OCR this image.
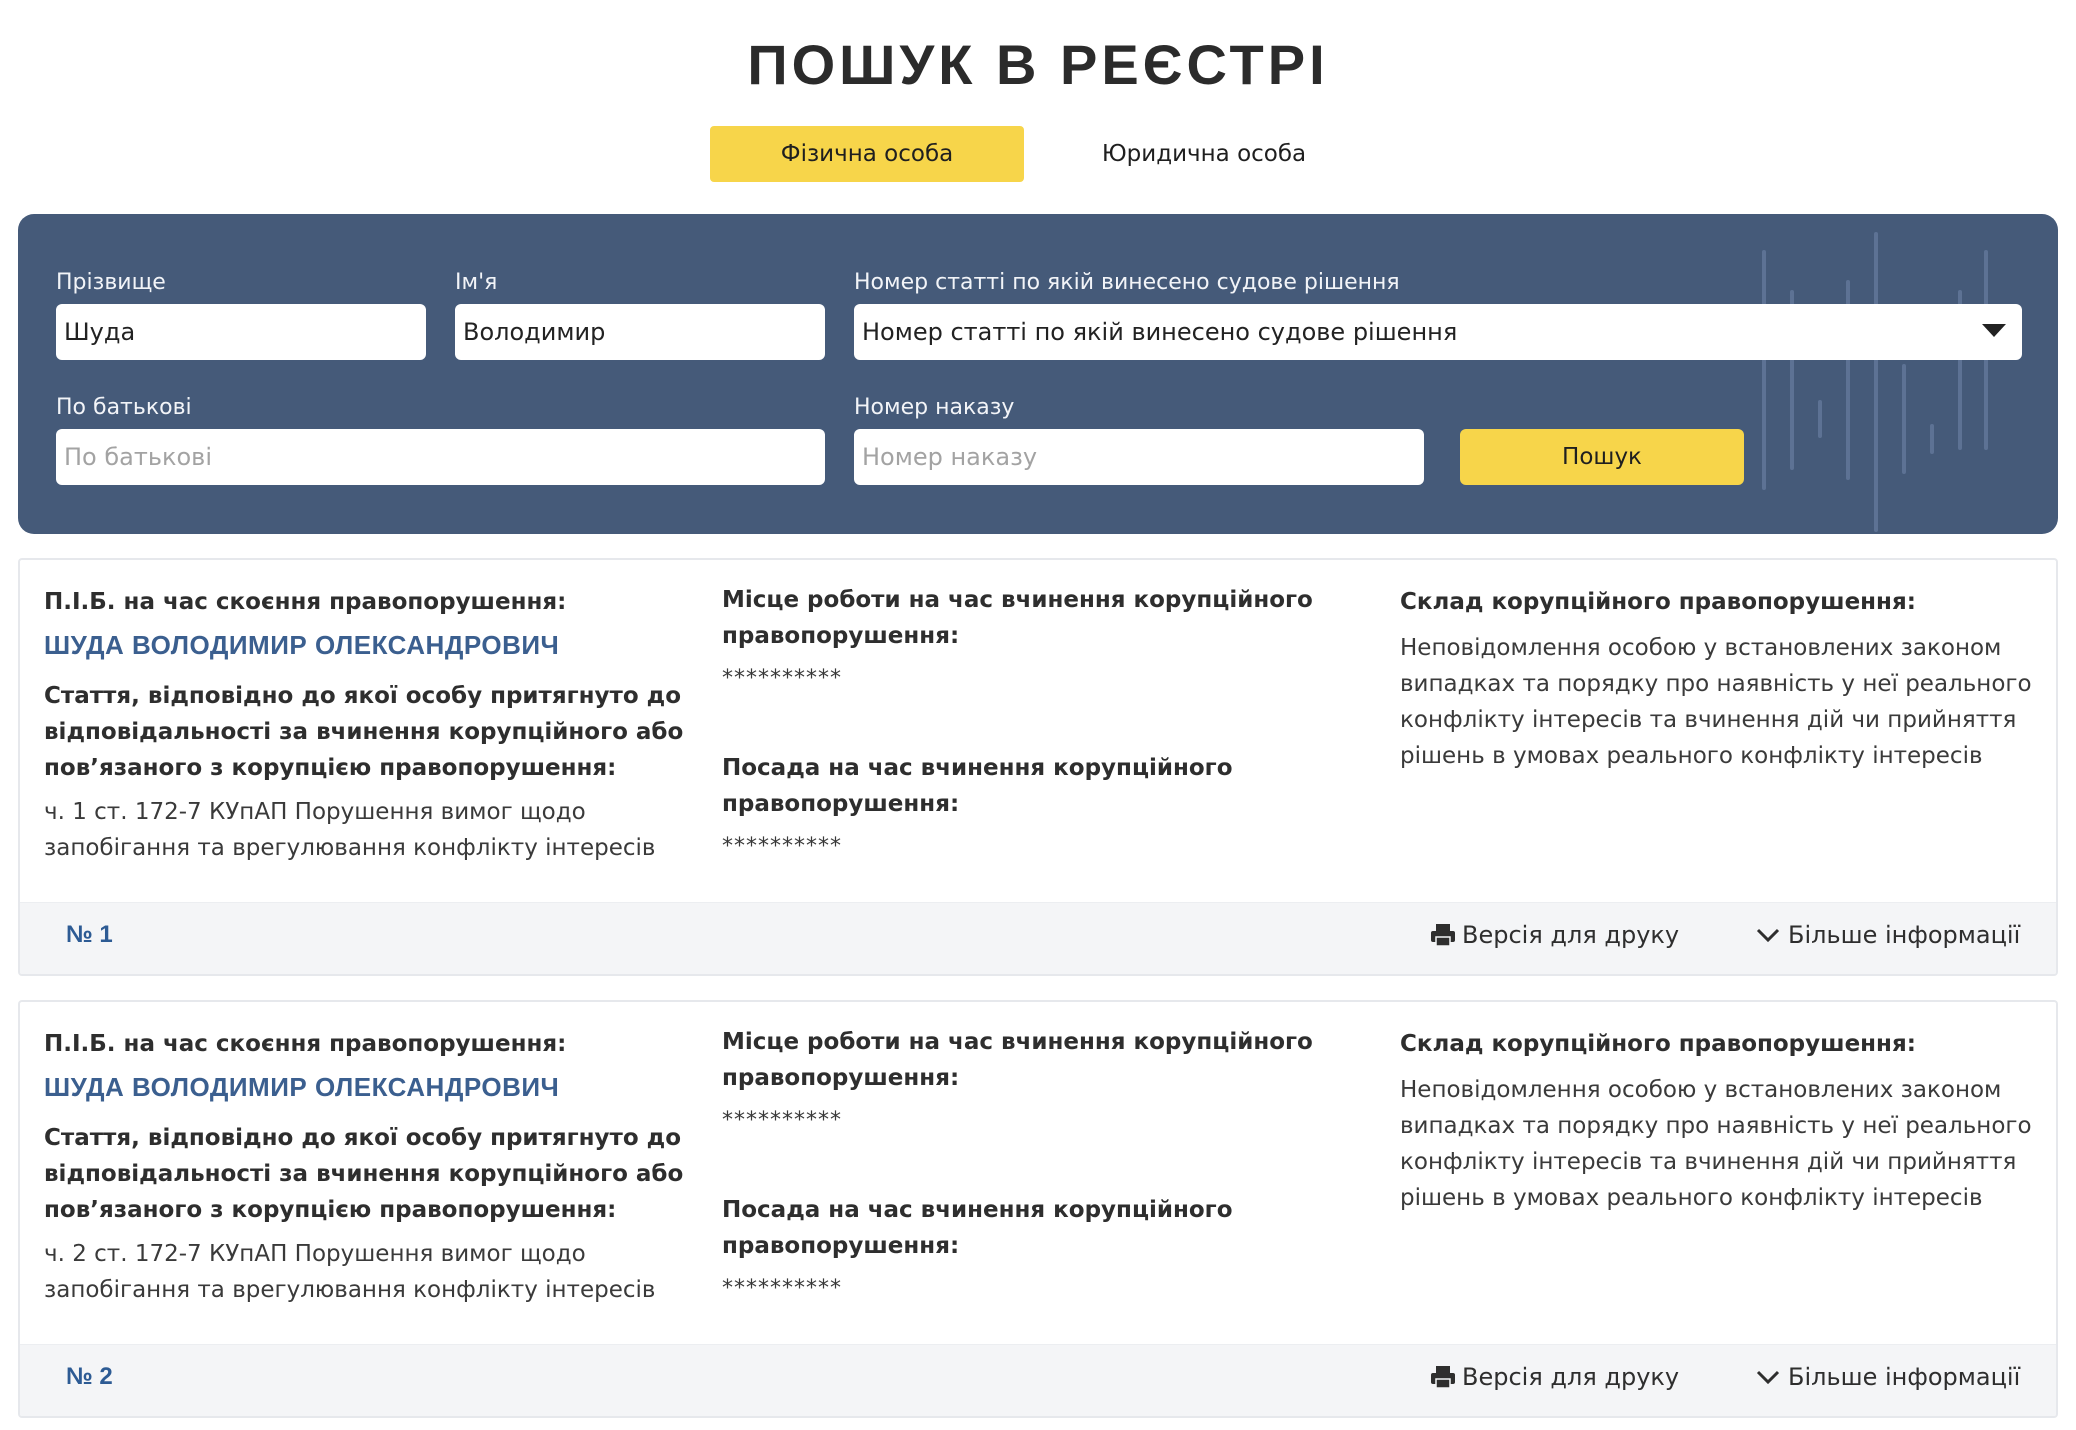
ПОШУК В РЕЄСТРІ
Фізична особа	Юридична особа
Прізвище
Шуда	Ім'я
Володимир	Номер статті по якій винесено судове рішення
Номер статті по якій винесено судове рішення
По батькові
По батькові	Номер наказу
Номер наказу
Пошук
П.І.Б. на час скоєння правопорушення:
ШУДА ВОЛОДИМИР ОЛЕКСАНДРОВИЧ
Стаття, відповідно до якої особу притягнуто до відповідальності за вчинення корупційного або пов’язаного з корупцією правопорушення:
ч. 1 ст. 172-7 КУпАП Порушення вимог щодо запобігання та врегулювання конфлікту інтересів
Місце роботи на час вчинення корупційного правопорушення:
**********
Посада на час вчинення корупційного правопорушення:
**********
Склад корупційного правопорушення:
Неповідомлення особою у встановлених законом випадках та порядку про наявність у неї реального конфлікту інтересів та вчинення дій чи прийняття рішень в умовах реального конфлікту інтересів
№ 1	Версія для друку	Більше інформації
П.І.Б. на час скоєння правопорушення:
ШУДА ВОЛОДИМИР ОЛЕКСАНДРОВИЧ
Стаття, відповідно до якої особу притягнуто до відповідальності за вчинення корупційного або пов’язаного з корупцією правопорушення:
ч. 2 ст. 172-7 КУпАП Порушення вимог щодо запобігання та врегулювання конфлікту інтересів
Місце роботи на час вчинення корупційного правопорушення:
**********
Посада на час вчинення корупційного правопорушення:
**********
Склад корупційного правопорушення:
Неповідомлення особою у встановлених законом випадках та порядку про наявність у неї реального конфлікту інтересів та вчинення дій чи прийняття рішень в умовах реального конфлікту інтересів
№ 2	Версія для друку	Більше інформації
